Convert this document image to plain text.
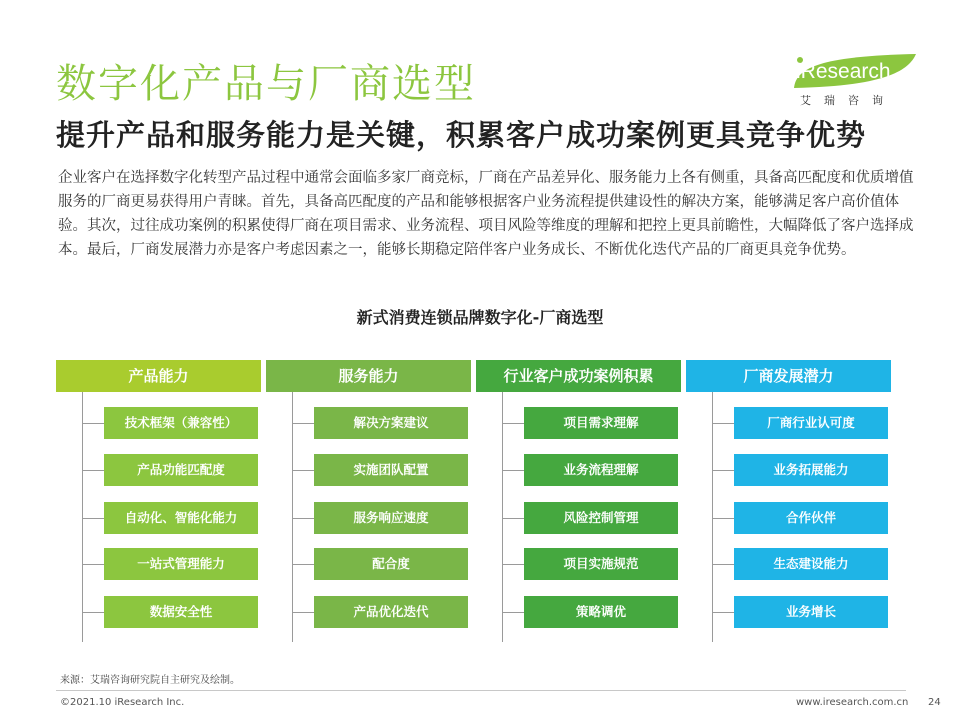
数字化产品与厂商选型
提升产品和服务能力是关键，积累客户成功案例更具竞争优势
iResearch
艾瑞咨询
企业客户在选择数字化转型产品过程中通常会面临多家厂商竞标，厂商在产品差异化、服务能力上各有侧重，具备高匹配度和优质增值服务的厂商更易获得用户青睐。首先，具备高匹配度的产品和能够根据客户业务流程提供建设性的解决方案，能够满足客户高价值体验。其次，过往成功案例的积累使得厂商在项目需求、业务流程、项目风险等维度的理解和把控上更具前瞻性，大幅降低了客户选择成本。最后，厂商发展潜力亦是客户考虑因素之一，能够长期稳定陪伴客户业务成长、不断优化迭代产品的厂商更具竞争优势。
新式消费连锁品牌数字化-厂商选型
产品能力
技术框架（兼容性）
产品功能匹配度
自动化、智能化能力
一站式管理能力
数据安全性
服务能力
解决方案建议
实施团队配置
服务响应速度
配合度
产品优化迭代
行业客户成功案例积累
项目需求理解
业务流程理解
风险控制管理
项目实施规范
策略调优
厂商发展潜力
厂商行业认可度
业务拓展能力
合作伙伴
生态建设能力
业务增长
来源：艾瑞咨询研究院自主研究及绘制。
©2021.10 iResearch Inc.	www.iresearch.com.cn 24
